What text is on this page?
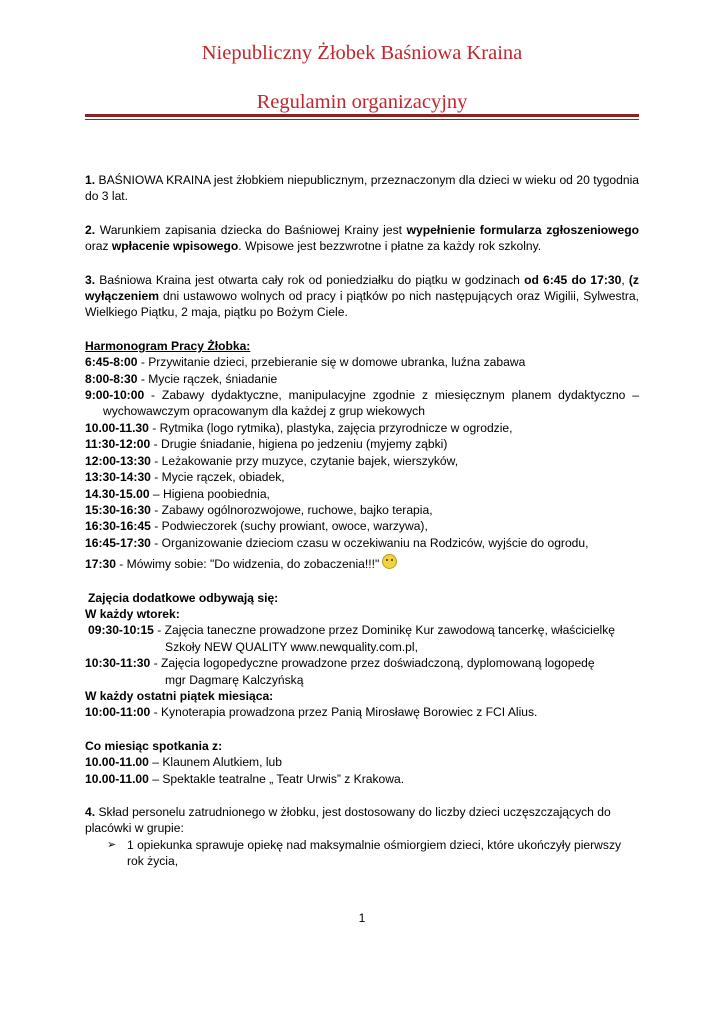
Niepubliczny Żłobek Baśniowa Kraina
Regulamin organizacyjny

1. BAŚNIOWA KRAINA jest żłobkiem niepublicznym, przeznaczonym dla dzieci w wieku od 20 tygodnia do 3 lat.

2. Warunkiem zapisania dziecka do Baśniowej Krainy jest wypełnienie formularza zgłoszeniowego oraz wpłacenie wpisowego. Wpisowe jest bezzwrotne i płatne za każdy rok szkolny.

3. Baśniowa Kraina jest otwarta cały rok od poniedziałku do piątku w godzinach od 6:45 do 17:30, (z wyłączeniem dni ustawowo wolnych od pracy i piątków po nich następujących oraz Wigilii, Sylwestra, Wielkiego Piątku, 2 maja, piątku po Bożym Ciele.

Harmonogram Pracy Żłobka:

6:45-8:00 - Przywitanie dzieci, przebieranie się w domowe ubranka, luźna zabawa

8:00-8:30 - Mycie rączek, śniadanie

9:00-10:00 - Zabawy dydaktyczne, manipulacyjne zgodnie z miesięcznym planem dydaktyczno – wychowawczym opracowanym dla każdej z grup wiekowych

10.00-11.30 - Rytmika (logo rytmika), plastyka, zajęcia przyrodnicze w ogrodzie,

11:30-12:00 - Drugie śniadanie, higiena po jedzeniu (myjemy ząbki)

12:00-13:30 - Leżakowanie przy muzyce, czytanie bajek, wierszyków,

13:30-14:30 - Mycie rączek, obiadek,

14.30-15.00 – Higiena poobiednia,

15:30-16:30 - Zabawy ogólnorozwojowe, ruchowe, bajko terapia,

16:30-16:45 - Podwieczorek (suchy prowiant, owoce, warzywa),

16:45-17:30 - Organizowanie dzieciom czasu w oczekiwaniu na Rodziców, wyjście do ogrodu,

17:30 - Mówimy sobie: "Do widzenia, do zobaczenia!!!"

Zajęcia dodatkowe odbywają się:

W każdy wtorek:

09:30-10:15 - Zajęcia taneczne prowadzone przez Dominikę Kur zawodową tancerkę, właścicielkę

Szkoły NEW QUALITY www.newquality.com.pl,

10:30-11:30 - Zajęcia logopedyczne prowadzone przez doświadczoną, dyplomowaną logopedę

mgr Dagmarę Kalczyńską

W każdy ostatni piątek miesiąca:

10:00-11:00 - Kynoterapia prowadzona przez Panią Mirosławę Borowiec z FCI Alius.

Co miesiąc spotkania z:

10.00-11.00 – Klaunem Alutkiem, lub

10.00-11.00 – Spektakle teatralne „ Teatr Urwis” z Krakowa.

4. Skład personelu zatrudnionego w żłobku, jest dostosowany do liczby dzieci uczęszczających do placówki w grupie:

➢ 1 opiekunka sprawuje opiekę nad maksymalnie ośmiorgiem dzieci, które ukończyły pierwszy rok życia,
1
